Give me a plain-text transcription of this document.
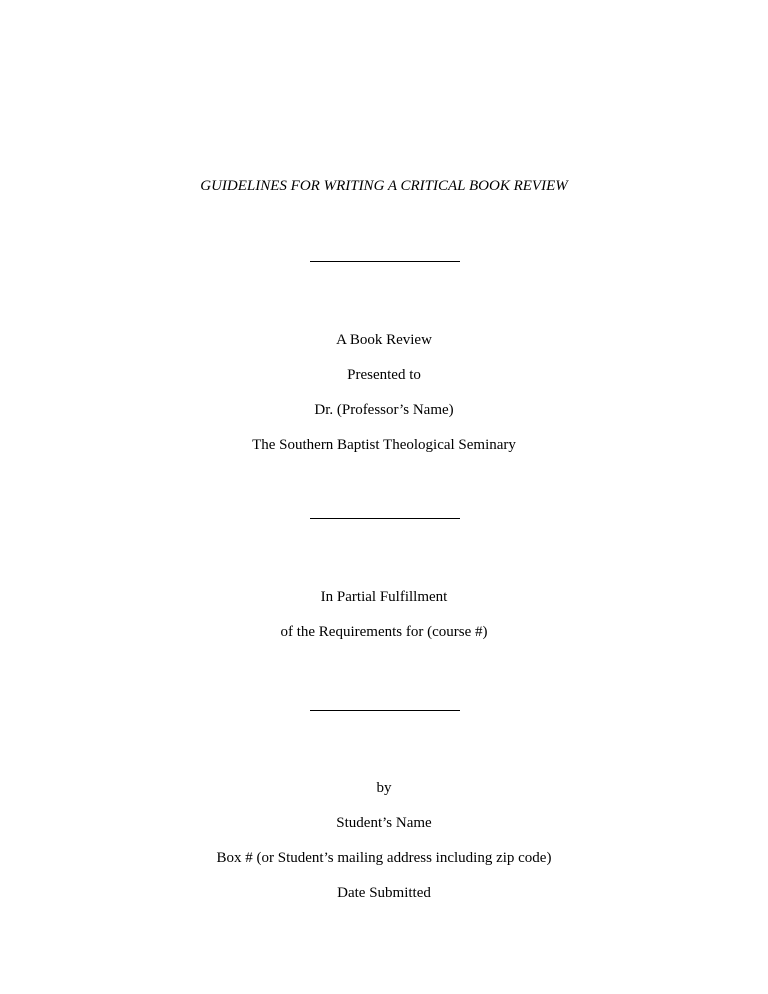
GUIDELINES FOR WRITING A CRITICAL BOOK REVIEW
A Book Review
Presented to
Dr. (Professor’s Name)
The Southern Baptist Theological Seminary
In Partial Fulfillment
of the Requirements for (course #)
by
Student’s Name
Box # (or Student’s mailing address including zip code)
Date Submitted
